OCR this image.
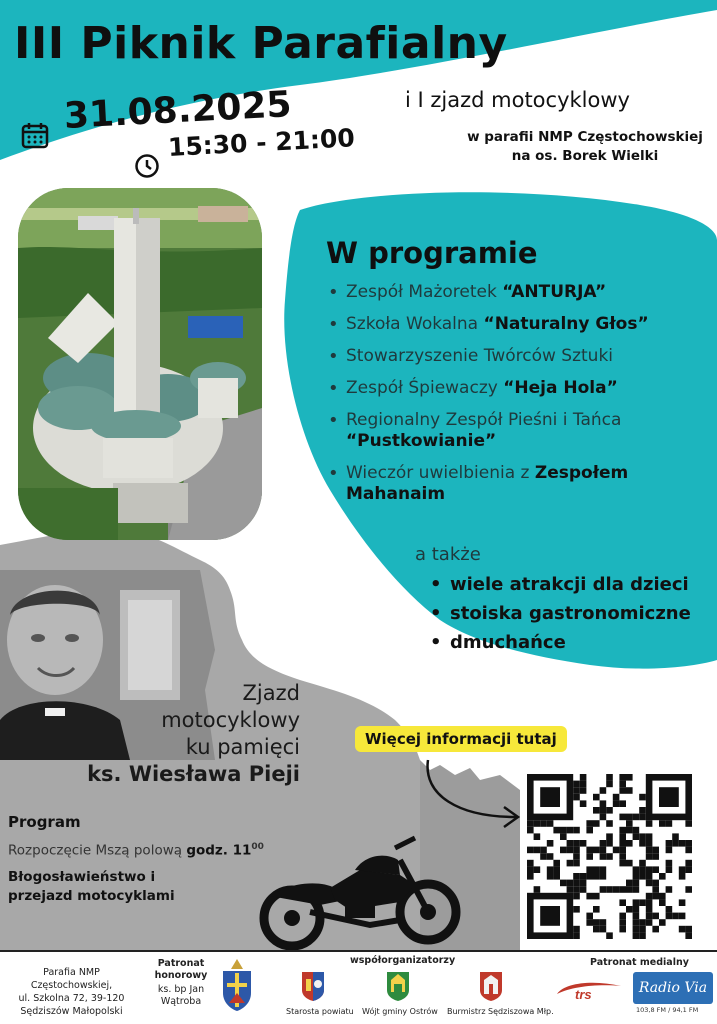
III Piknik Parafialny
i I zjazd motocyklowy
31.08.2025
15:30 - 21:00	w parafii NMP Częstochowskiej
na os. Borek Wielki
W programie
• Zespół Mażoretek “ANTURJA”
• Szkoła Wokalna “Naturalny Głos”
• Stowarzyszenie Twórców Sztuki
• Zespół Śpiewaczy “Heja Hola”
• Regionalny Zespół Pieśni i Tańca “Pustkowianie”
• Wieczór uwielbienia z Zespołem Mahanaim
a także
• wiele atrakcji dla dzieci
• stoiska gastronomiczne
• dmuchańce
Zjazd
motocyklowy
ku pamięci
ks. Wiesława Pieji
Więcej informacji tutaj
Program
Rozpoczęcie Mszą polową godz. $11^{00}$
Błogosławieństwo i przejazd motocyklami
Parafia NMP Częstochowskiej,
ul. Szkolna 72, 39-120
Sędziszów Małopolski
Patronat honorowy
ks. bp Jan Wątroba
współorganizatorzy
Starosta powiatu Wójt gminy Ostrów Burmistrz Sędziszowa Młp.
Patronat medialny
trs	Radio Via
103,8 FM / 94,1 FM
